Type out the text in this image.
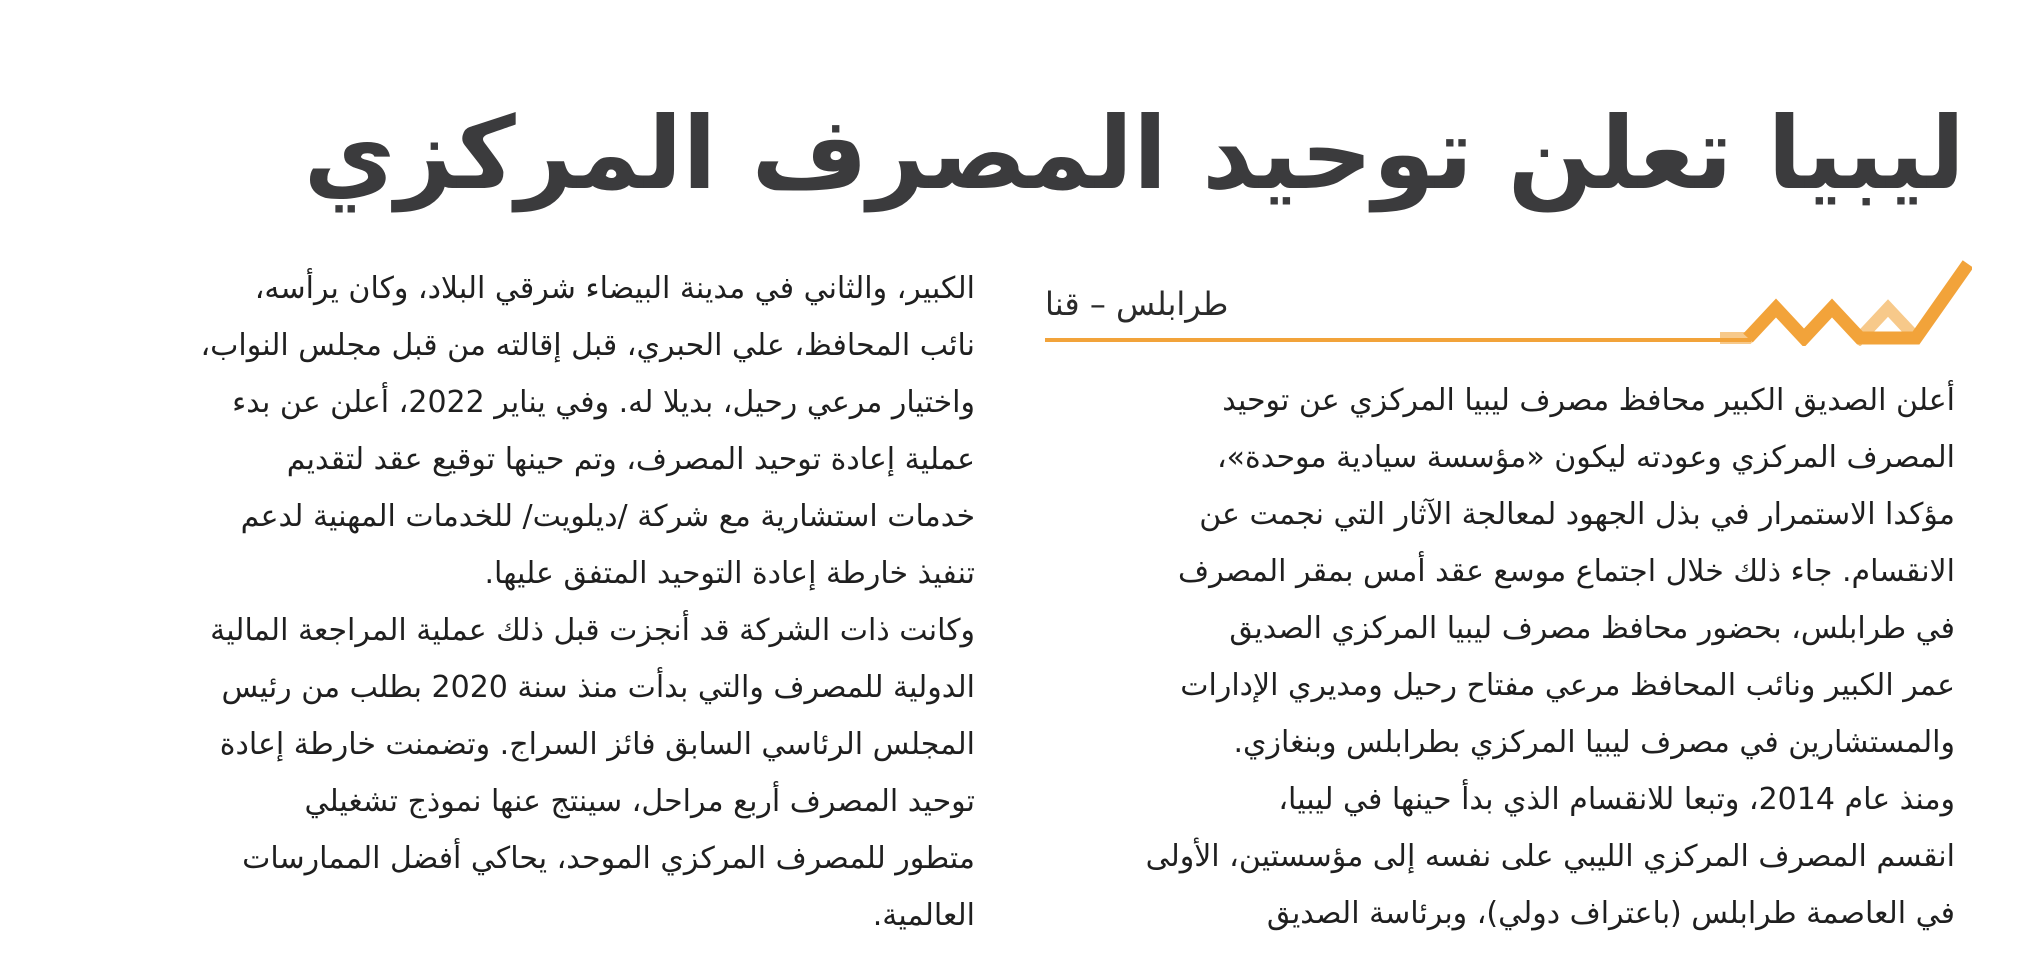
ليبيا تعلن توحيد المصرف المركزي
طرابلس – قنا
أعلن الصديق الكبير محافظ مصرف ليبيا المركزي عن توحيد
المصرف المركزي وعودته ليكون «مؤسسة سيادية موحدة»،
مؤكدا الاستمرار في بذل الجهود لمعالجة الآثار التي نجمت عن
الانقسام. جاء ذلك خلال اجتماع موسع عقد أمس بمقر المصرف
في طرابلس، بحضور محافظ مصرف ليبيا المركزي الصديق
عمر الكبير ونائب المحافظ مرعي مفتاح رحيل ومديري الإدارات
والمستشارين في مصرف ليبيا المركزي بطرابلس وبنغازي.
ومنذ عام 2014، وتبعا للانقسام الذي بدأ حينها في ليبيا،
انقسم المصرف المركزي الليبي على نفسه إلى مؤسستين، الأولى
في العاصمة طرابلس (باعتراف دولي)، وبرئاسة الصديق
الكبير، والثاني في مدينة البيضاء شرقي البلاد، وكان يرأسه،
نائب المحافظ، علي الحبري، قبل إقالته من قبل مجلس النواب،
واختيار مرعي رحيل، بديلا له. وفي يناير 2022، أعلن عن بدء
عملية إعادة توحيد المصرف، وتم حينها توقيع عقد لتقديم
خدمات استشارية مع شركة /ديلويت/ للخدمات المهنية لدعم
تنفيذ خارطة إعادة التوحيد المتفق عليها.
وكانت ذات الشركة قد أنجزت قبل ذلك عملية المراجعة المالية
الدولية للمصرف والتي بدأت منذ سنة 2020 بطلب من رئيس
المجلس الرئاسي السابق فائز السراج. وتضمنت خارطة إعادة
توحيد المصرف أربع مراحل، سينتج عنها نموذج تشغيلي
متطور للمصرف المركزي الموحد، يحاكي أفضل الممارسات
العالمية.
